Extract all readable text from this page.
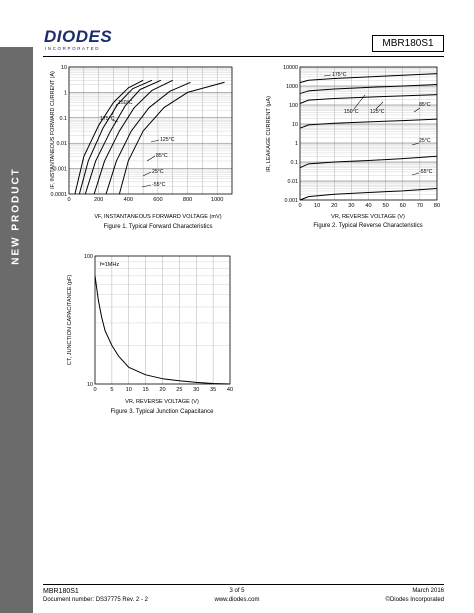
NEW PRODUCT
DIODES
INCORPORATED	MBR180S1
0	200	400	600	800	1000
10
1
0.1
0.01
0.001
0.0001
150°C
175°C
125°C
85°C
25°C
-55°C
IF, INSTANTANEOUS FORWARD CURRENT (A)
VF, INSTANTANEOUS FORWARD VOLTAGE (mV)
Figure 1. Typical Forward Characteristics
0 10 20 30 40 50 60 70 80
10000
1000
100
10
1
0.1
0.01
0.001
175°C
150°C 125°C
85°C
25°C
-55°C
IR, LEAKAGE CURRENT (μA)
VR, REVERSE VOLTAGE (V)
Figure 2. Typical Reverse Characteristics
0 5 10 15 20 25 30 35 40
100
10
f=1MHz
CT, JUNCTION CAPACITANCE (pF)
VR, REVERSE VOLTAGE (V)
Figure 3. Typical Junction Capacitance
MBR180S1
Document number: DS37775 Rev. 2 - 2
3 of 5
www.diodes.com
March 2016
©Diodes Incorporated
